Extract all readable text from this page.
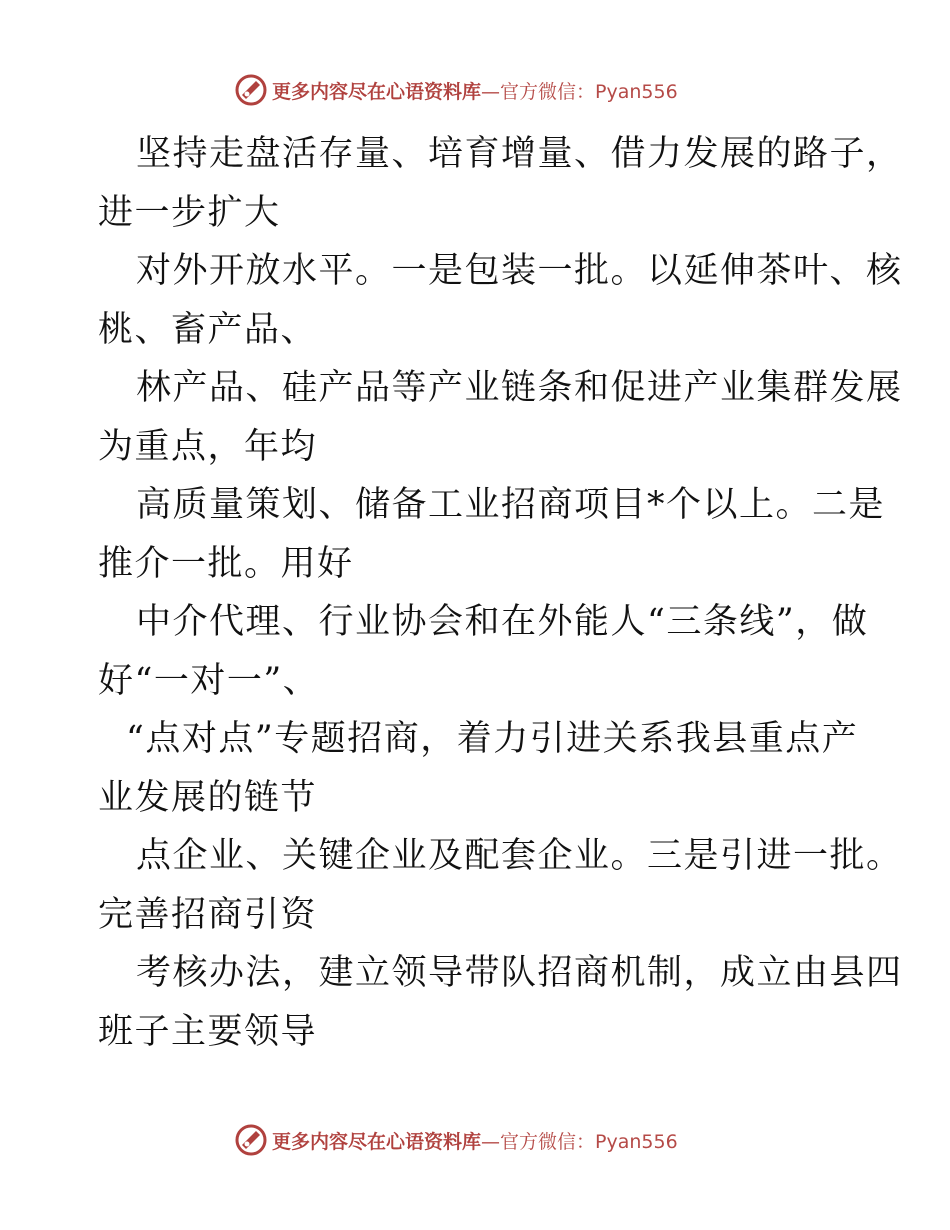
更多内容尽在心语资料库 —官方微信：Pyan556
坚持走盘活存量、培育增量、借力发展的路子，
进一步扩大
对外开放水平。一是包装一批。以延伸茶叶、核
桃、畜产品、
林产品、硅产品等产业链条和促进产业集群发展
为重点，年均
高质量策划、储备工业招商项目*个以上。二是
推介一批。用好
中介代理、行业协会和在外能人“三条线”，做
好“一对一”、
“点对点”专题招商，着力引进关系我县重点产
业发展的链节
点企业、关键企业及配套企业。三是引进一批。
完善招商引资
考核办法，建立领导带队招商机制，成立由县四
班子主要领导
更多内容尽在心语资料库 —官方微信：Pyan556
